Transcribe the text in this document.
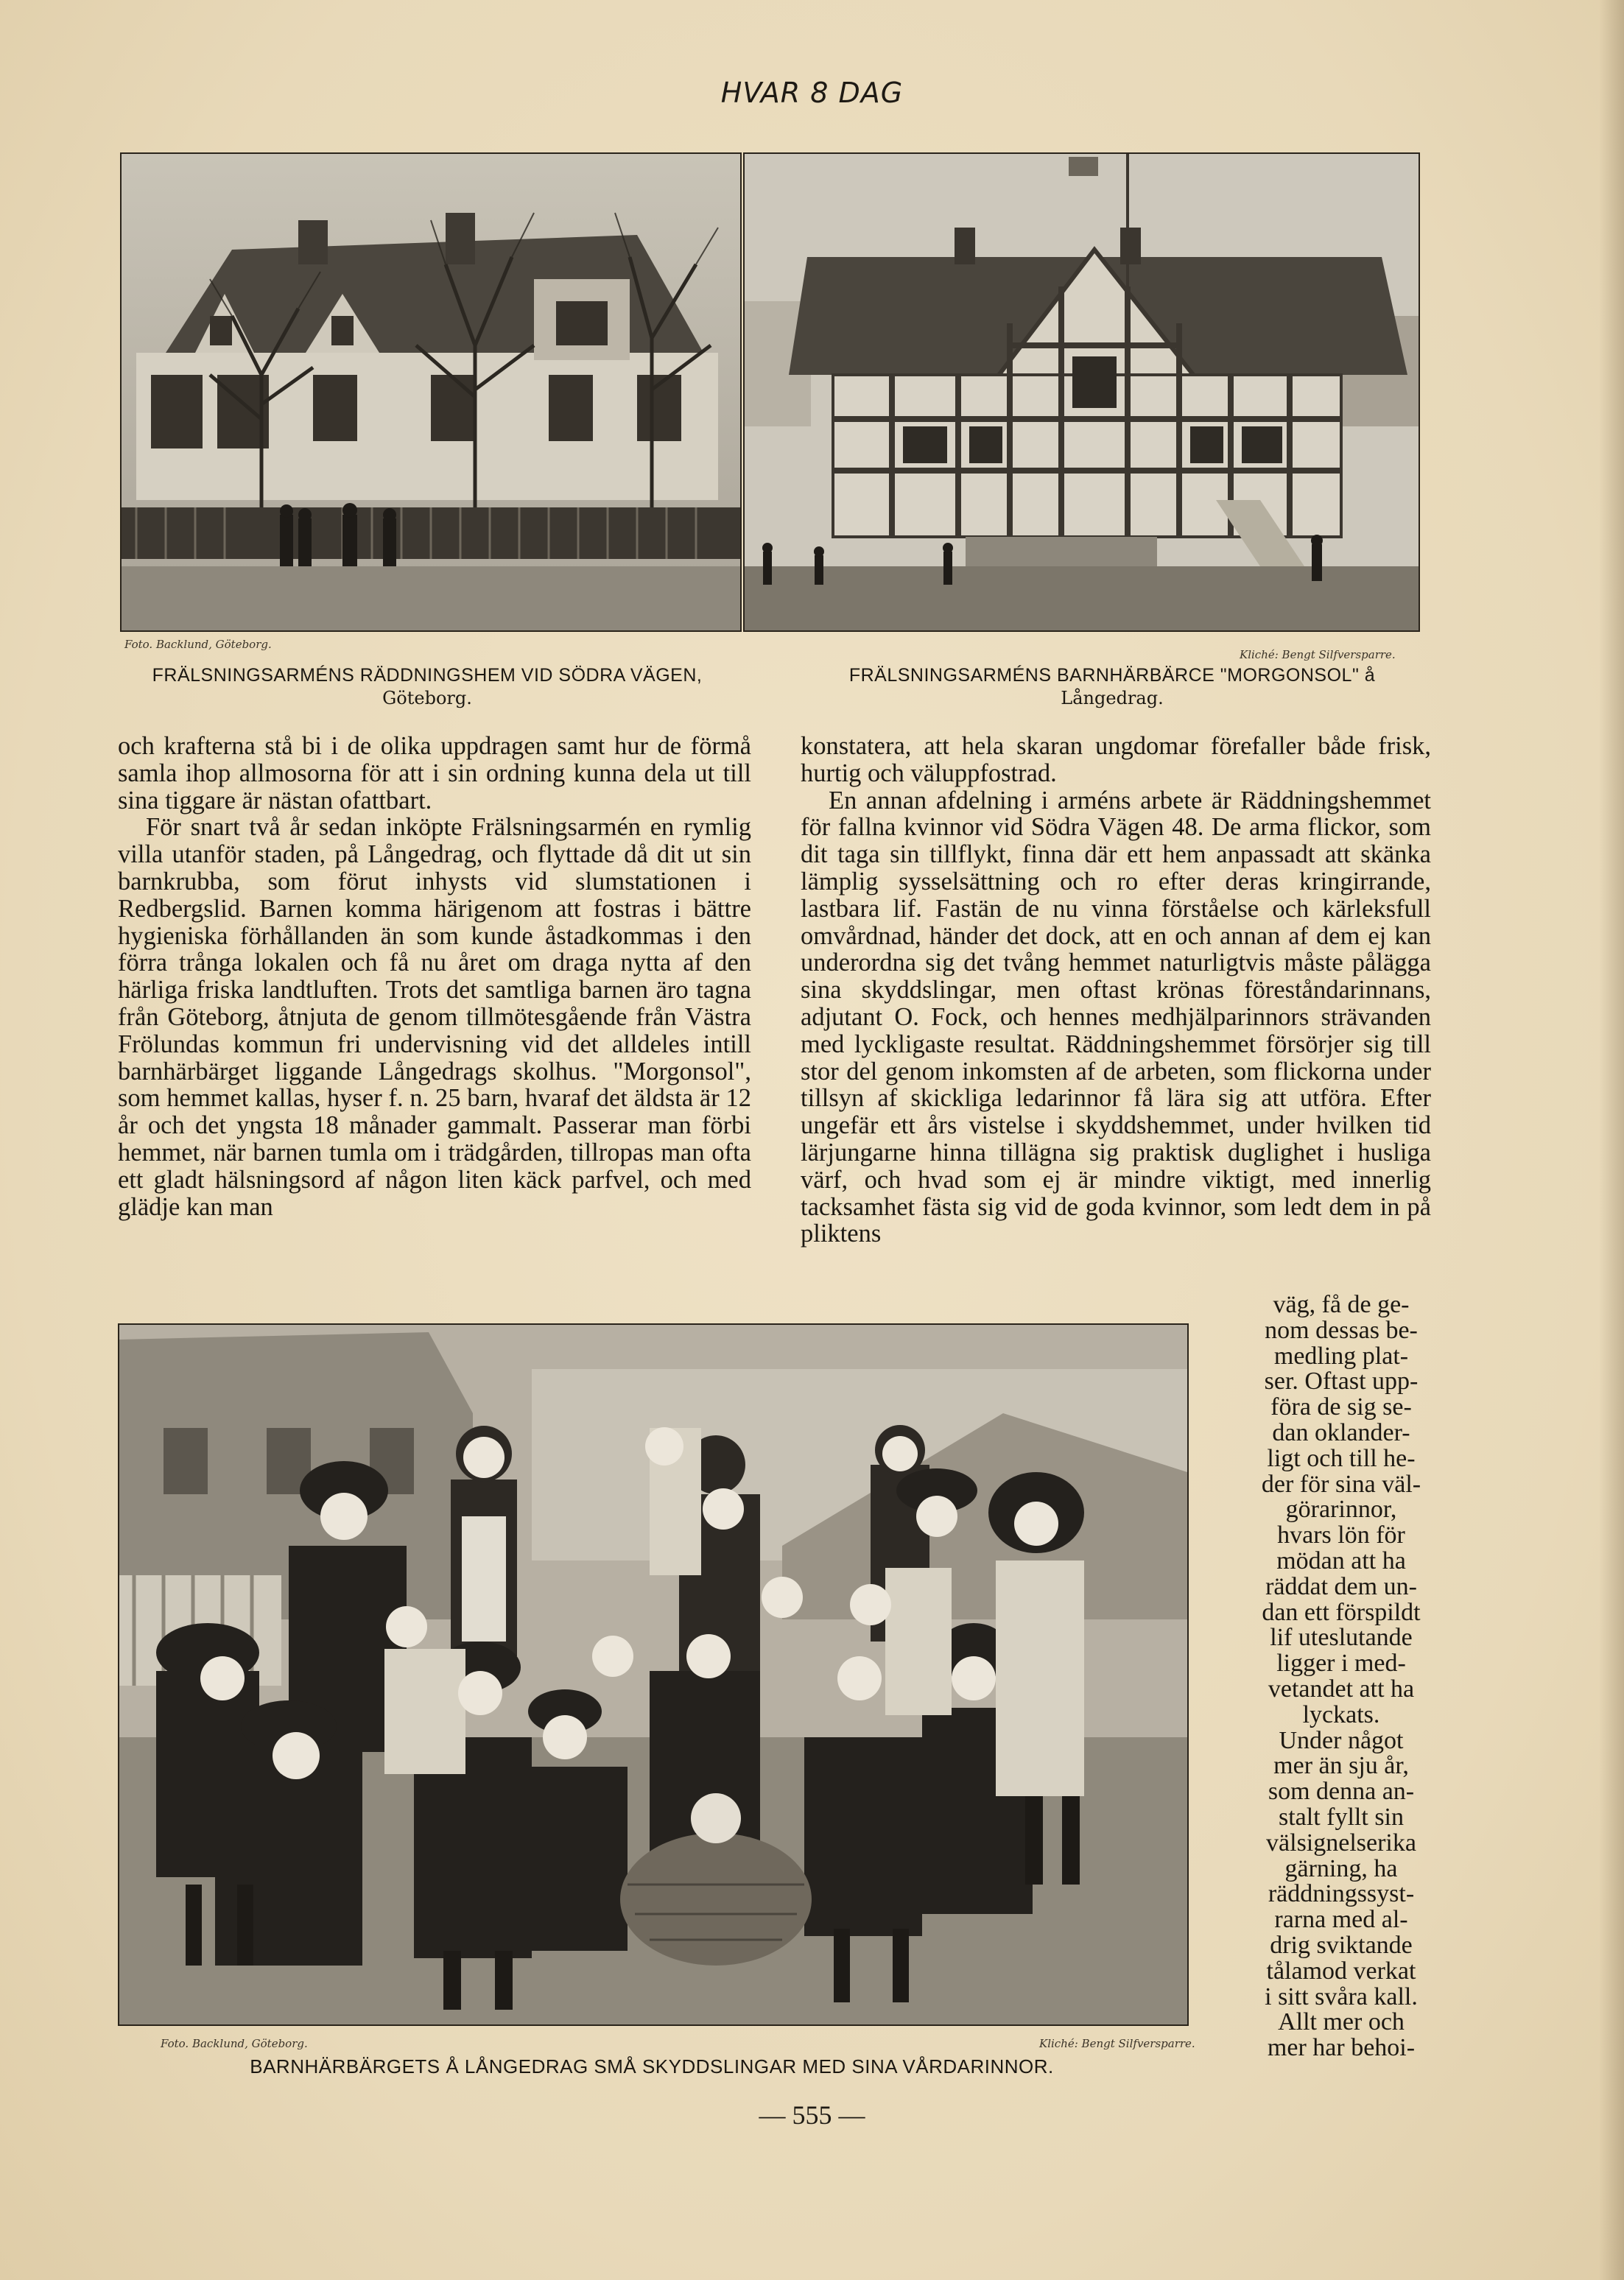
HVAR 8 DAG
Foto. Backlund, Göteborg.
Kliché: Bengt Silfversparre.
FRÄLSNINGSARMÉNS RÄDDNINGSHEM VID SÖDRA VÄGEN,
Göteborg.
FRÄLSNINGSARMÉNS BARNHÄRBÄRCE "MORGONSOL" å
Långedrag.

och krafterna stå bi i de olika uppdragen samt hur de förmå samla ihop allmosorna för att i sin ordning kunna dela ut till sina tiggare är nästan ofattbart.

För snart två år sedan inköpte Frälsningsarmén en rymlig villa utanför staden, på Långedrag, och flyttade då dit ut sin barnkrubba, som förut inhysts vid slumstationen i Redbergslid. Barnen komma härigenom att fostras i bättre hygieniska förhållanden än som kunde åstadkommas i den förra trånga lokalen och få nu året om draga nytta af den härliga friska landtluften. Trots det samtliga barnen äro tagna från Göteborg, åtnjuta de genom tillmötesgående från Västra Frölundas kommun fri undervisning vid det alldeles intill barnhärbärget liggande Långedrags skolhus. "Morgonsol", som hemmet kallas, hyser f. n. 25 barn, hvaraf det äldsta är 12 år och det yngsta 18 månader gammalt. Passerar man förbi hemmet, när barnen tumla om i trädgården, tillropas man ofta ett gladt hälsningsord af någon liten käck parfvel, och med glädje kan man

konstatera, att hela skaran ungdomar förefaller både frisk, hurtig och väluppfostrad.

En annan afdelning i arméns arbete är Räddningshemmet för fallna kvinnor vid Södra Vägen 48. De arma flickor, som dit taga sin tillflykt, finna där ett hem anpassadt att skänka lämplig sysselsättning och ro efter deras kringirrande, lastbara lif. Fastän de nu vinna förståelse och kärleksfull omvårdnad, händer det dock, att en och annan af dem ej kan underordna sig det tvång hemmet naturligtvis måste pålägga sina skyddslingar, men oftast krönas föreståndarinnans, adjutant O. Fock, och hennes medhjälparinnors strävanden med lyckligaste resultat. Räddningshemmet försörjer sig till stor del genom inkomsten af de arbeten, som flickorna under tillsyn af skickliga ledarinnor få lära sig att utföra. Efter ungefär ett års vistelse i skyddshemmet, under hvilken tid lärjungarne hinna tillägna sig praktisk duglighet i husliga värf, och hvad som ej är mindre viktigt, med innerlig tacksamhet fästa sig vid de goda kvinnor, som ledt dem in på pliktens

Foto. Backlund, Göteborg.	Kliché: Bengt Silfversparre.
BARNHÄRBÄRGETS Å LÅNGEDRAG SMÅ SKYDDSLINGAR MED SINA VÅRDARINNOR.
väg, få de ge-
nom dessas be-
medling plat-
ser. Oftast upp-
föra de sig se-
dan oklander-
ligt och till he-
der för sina väl-
görarinnor,
hvars lön för
mödan att ha
räddat dem un-
dan ett förspildt
lif uteslutande
ligger i med-
vetandet att ha
lyckats.
Under något
mer än sju år,
som denna an-
stalt fyllt sin
välsignelserika
gärning, ha
räddningssyst-
rarna med al-
drig sviktande
tålamod verkat
i sitt svåra kall.
Allt mer och
mer har behoi-
— 555 —
